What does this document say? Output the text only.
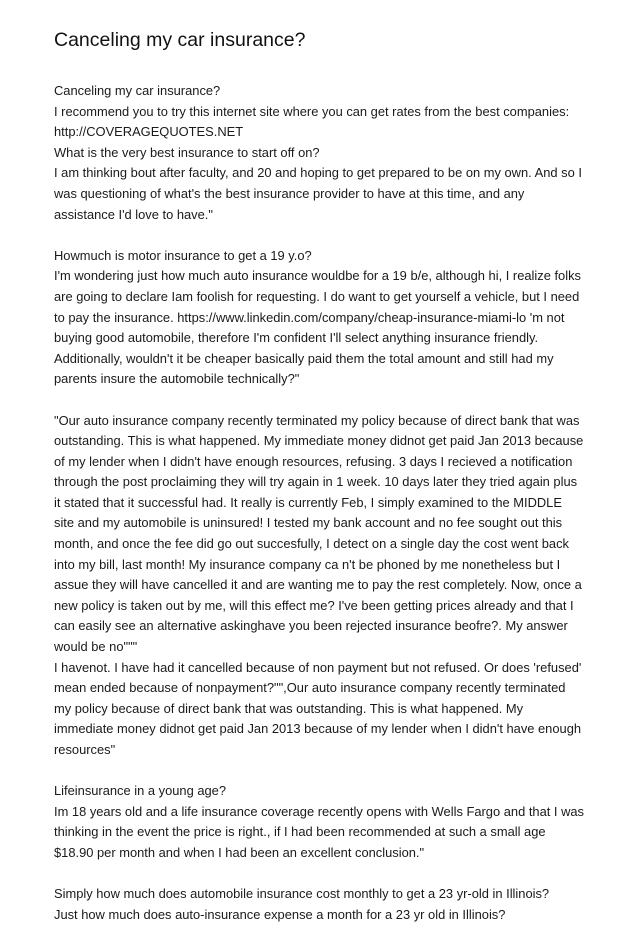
Canceling my car insurance?
Canceling my car insurance?
I recommend you to try this internet site where you can get rates from the best companies:
http://COVERAGEQUOTES.NET
What is the very best insurance to start off on?
I am thinking bout after faculty, and 20 and hoping to get prepared to be on my own. And so I
was questioning of what's the best insurance provider to have at this time, and any
assistance I'd love to have."
Howmuch is motor insurance to get a 19 y.o?
I'm wondering just how much auto insurance wouldbe for a 19 b/e, although hi, I realize folks
are going to declare Iam foolish for requesting. I do want to get yourself a vehicle, but I need
to pay the insurance. https://www.linkedin.com/company/cheap-insurance-miami-lo 'm not
buying good automobile, therefore I'm confident I'll select anything insurance friendly.
Additionally, wouldn't it be cheaper basically paid them the total amount and still had my
parents insure the automobile technically?"
"Our auto insurance company recently terminated my policy because of direct bank that was
outstanding. This is what happened. My immediate money didnot get paid Jan 2013 because
of my lender when I didn't have enough resources, refusing. 3 days I recieved a notification
through the post proclaiming they will try again in 1 week. 10 days later they tried again plus
it stated that it successful had. It really is currently Feb, I simply examined to the MIDDLE
site and my automobile is uninsured! I tested my bank account and no fee sought out this
month, and once the fee did go out succesfully, I detect on a single day the cost went back
into my bill, last month! My insurance company ca n't be phoned by me nonetheless but I
assue they will have cancelled it and are wanting me to pay the rest completely. Now, once a
new policy is taken out by me, will this effect me? I've been getting prices already and that I
can easily see an alternative askinghave you been rejected insurance beofre?. My answer
would be no"""
I havenot. I have had it cancelled because of non payment but not refused. Or does 'refused'
mean ended because of nonpayment?"",Our auto insurance company recently terminated
my policy because of direct bank that was outstanding. This is what happened. My
immediate money didnot get paid Jan 2013 because of my lender when I didn't have enough
resources"
Lifeinsurance in a young age?
Im 18 years old and a life insurance coverage recently opens with Wells Fargo and that I was
thinking in the event the price is right., if I had been recommended at such a small age
$18.90 per month and when I had been an excellent conclusion."
Simply how much does automobile insurance cost monthly to get a 23 yr-old in Illinois?
Just how much does auto-insurance expense a month for a 23 yr old in Illinois?
